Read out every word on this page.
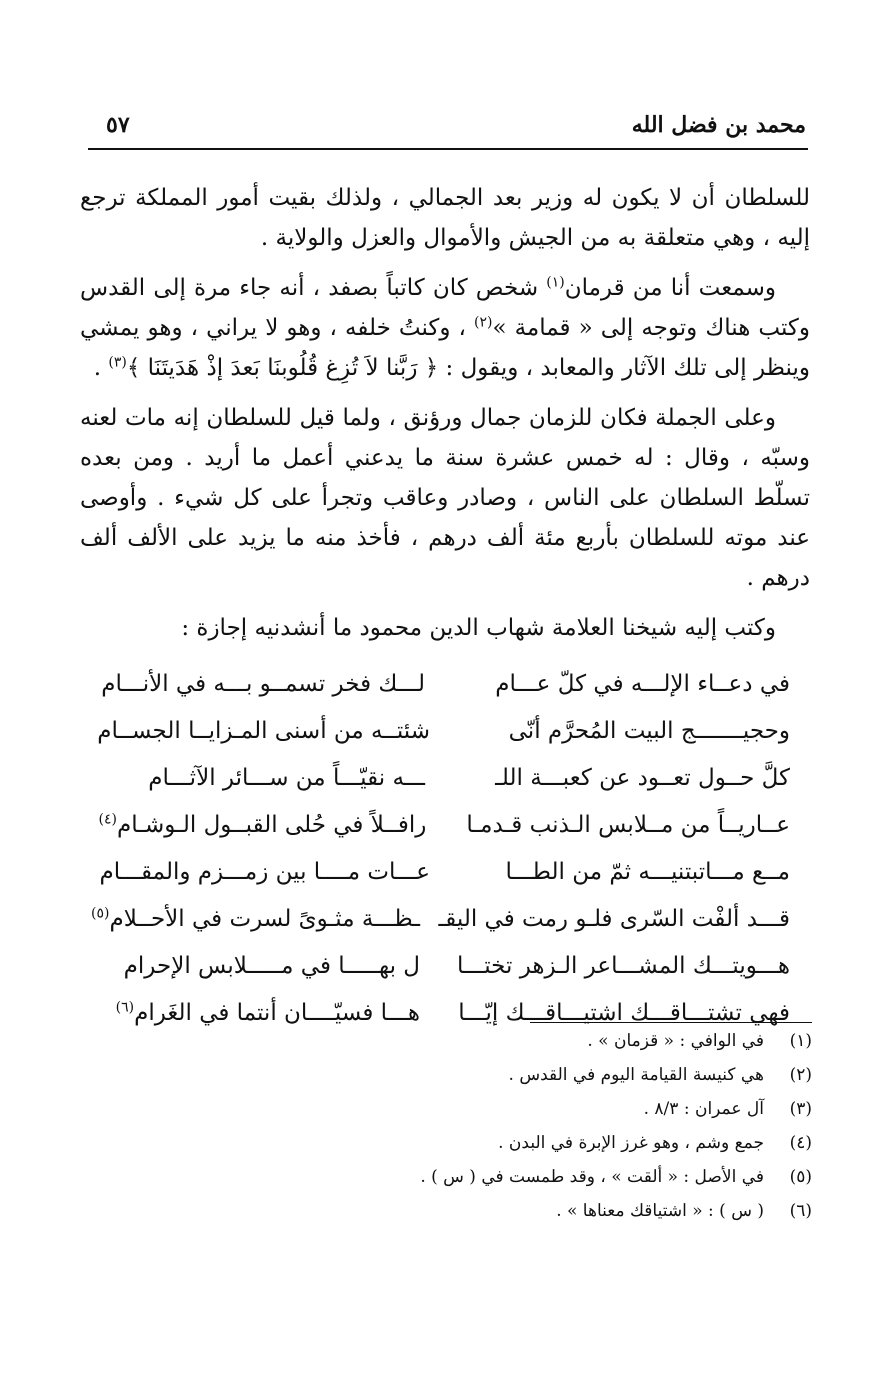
محمد بن فضل الله
٥٧

للسلطان أن لا يكون له وزير بعد الجمالي ، ولذلك بقيت أمور المملكة ترجع إليه ، وهي متعلقة به من الجيش والأموال والعزل والولاية .

وسمعت أنا من قرمان$^{(١)}$ شخص كان كاتباً بصفد ، أنه جاء مرة إلى القدس وكتب هناك وتوجه إلى « قمامة »$^{(٢)}$ ، وكنتُ خلفه ، وهو لا يراني ، وهو يمشي وينظر إلى تلك الآثار والمعابد ، ويقول : ﴿ رَبَّنا لاَ تُزِغ قُلُوبنَا بَعدَ إذْ هَدَيتَنَا ﴾$^{(٣)}$ .

وعلى الجملة فكان للزمان جمال ورؤنق ، ولما قيل للسلطان إنه مات لعنه وسبّه ، وقال : له خمس عشرة سنة ما يدعني أعمل ما أريد . ومن بعده تسلّط السلطان على الناس ، وصادر وعاقب وتجرأ على كل شيء . وأوصى عند موته للسلطان بأربع مئة ألف درهم ، فأخذ منه ما يزيد على الألف ألف درهم .

وكتب إليه شيخنا العلامة شهاب الدين محمود ما أنشدنيه إجازة :

في دعــاء الإلـــه في كلّ عـــام
لـــك فخر تسمــو بـــه في الأنـــام
وحجيـــــــج البيت المُحرَّم أنّى
شئتــه من أسنى المـزايــا الجســام
كلَّ حــول تعــود عن كعبـــة اللـ
ـــه نقيّـــاً من ســـائر الآثـــام
عــاريــاً من مــلابس الـذنب قـدمـا
رافــلاً في حُلى القبــول الـوشـام$^{(٤)}$
مــع مـــاتبتنيـــه ثمّ من الطـــا
عـــات مــــا بين زمـــزم والمقـــام
قـــد ألفْت السّرى فلـو رمت في اليقـ
ـظـــة مثـوىً لسرت في الأحــلام$^{(٥)}$
هـــويتـــك المشـــاعر الـزهر تختـــا
ل بهـــــا في مـــــلابس الإحرام
فهي تشتـــاقـــك اشتيـــاقـــك إيّـــا
هـــا فسيّــــان أنتما في الغَرام$^{(٦)}$
(١)
في الوافي : « قزمان » .
(٢)
هي كنيسة القيامة اليوم في القدس .
(٣)
آل عمران : ٨/٣ .
(٤)
جمع وشم ، وهو غرز الإبرة في البدن .
(٥)
في الأصل : « ألقت » ، وقد طمست في ( س ) .
(٦)
( س ) : « اشتياقك معناها » .
